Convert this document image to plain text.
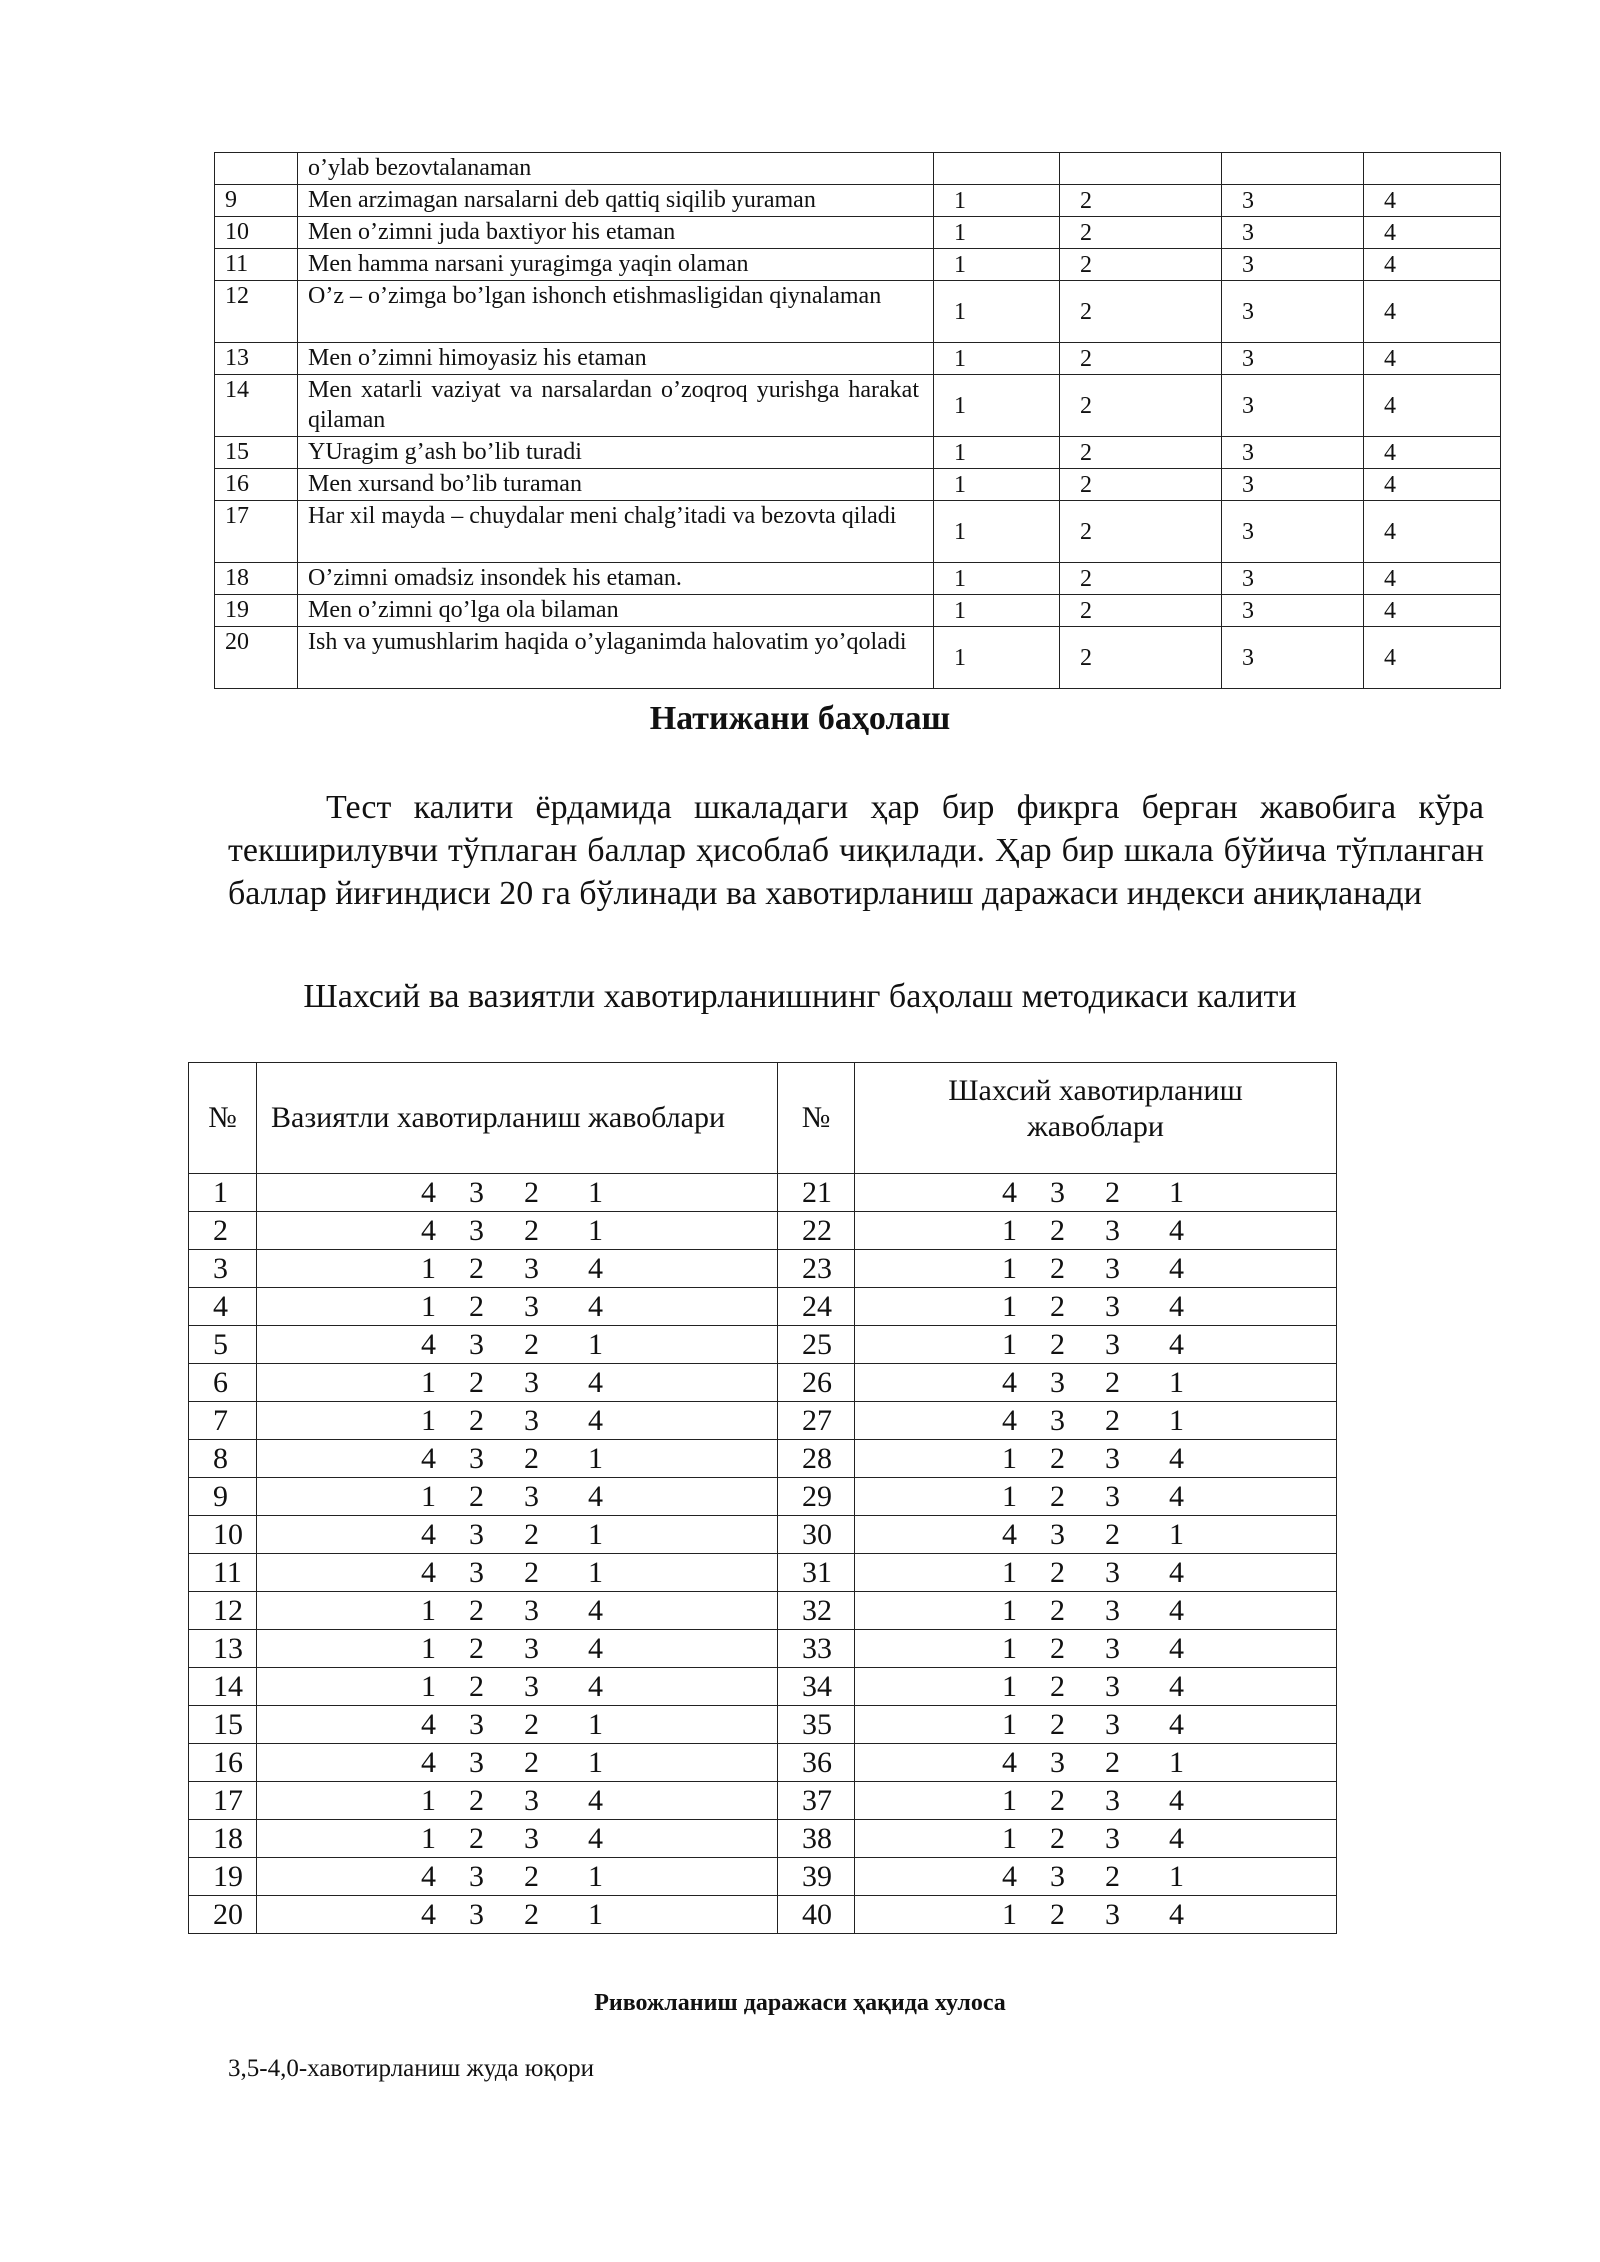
	o’ylab bezovtalanaman				
9	Men arzimagan narsalarni deb qattiq siqilib yuraman	1	2	3	4
10	Men o’zimni juda baxtiyor his etaman	1	2	3	4
11	Men hamma narsani yuragimga yaqin olaman	1	2	3	4
12	O’z – o’zimga bo’lgan ishonch etishmasligidan qiynalaman	1	2	3	4
13	Men o’zimni himoyasiz his etaman	1	2	3	4
14	Men xatarli vaziyat va narsalardan o’zoqroq yurishga harakat qilaman	1	2	3	4
15	YUragim g’ash bo’lib turadi	1	2	3	4
16	Men xursand bo’lib turaman	1	2	3	4
17	Har xil mayda – chuydalar meni chalg’itadi va bezovta qiladi	1	2	3	4
18	O’zimni omadsiz insondek his etaman.	1	2	3	4
19	Men o’zimni qo’lga ola bilaman	1	2	3	4
20	Ish va yumushlarim haqida o’ylaganimda halovatim yo’qoladi	1	2	3	4
Натижани баҳолаш

Тест калити ёрдамида шкаладаги ҳар бир фикрга берган жавобига кўра текширилувчи тўплаган баллар ҳисоблаб чиқилади. Ҳар бир шкала бўйича тўпланган баллар йиғиндиси 20 га бўлинади ва хавотирланиш даражаси индекси аниқланади

Шахсий ва вазиятли хавотирланишнинг баҳолаш методикаси калити

№	Вазиятли хавотирланиш жавоблари	№	Шахсий хавотирланиш жавоблари
1	4 3 2 1	21	4 3 2 1

2	4 3 2 1	22	1 2 3 4

3	1 2 3 4	23	1 2 3 4

4	1 2 3 4	24	1 2 3 4

5	4 3 2 1	25	1 2 3 4

6	1 2 3 4	26	4 3 2 1

7	1 2 3 4	27	4 3 2 1

8	4 3 2 1	28	1 2 3 4

9	1 2 3 4	29	1 2 3 4

10	4 3 2 1	30	4 3 2 1

11	4 3 2 1	31	1 2 3 4

12	1 2 3 4	32	1 2 3 4

13	1 2 3 4	33	1 2 3 4

14	1 2 3 4	34	1 2 3 4

15	4 3 2 1	35	1 2 3 4

16	4 3 2 1	36	4 3 2 1

17	1 2 3 4	37	1 2 3 4

18	1 2 3 4	38	1 2 3 4

19	4 3 2 1	39	4 3 2 1

20	4 3 2 1	40	1 2 3 4

Ривожланиш даражаси ҳақида хулоса

3,5-4,0-хавотирланиш жуда юқори
